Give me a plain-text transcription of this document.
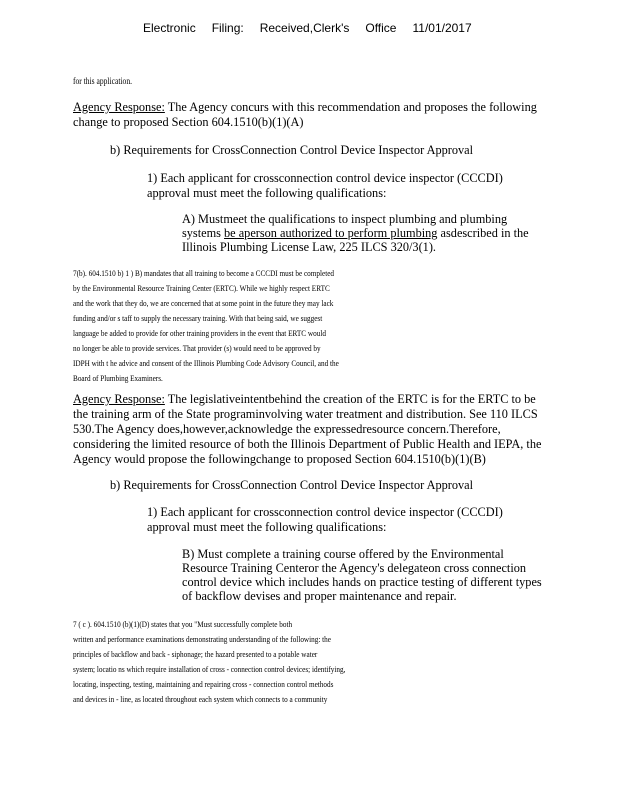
Electronic Filing: Received,Clerk's Office 11/01/2017
for this application.
Agency Response: The Agency concurs with this recommendation and proposes the following
change to proposed Section 604.1510(b)(1)(A)
b) Requirements for CrossConnection Control Device Inspector Approval
1) Each applicant for crossconnection control device inspector (CCCDI)
approval must meet the following qualifications:
A) Mustmeet the qualifications to inspect plumbing and plumbing
systems be aperson authorized to perform plumbing asdescribed in the
Illinois Plumbing License Law, 225 ILCS 320/3(1).
7(b). 604.1510 b) 1 ) B) mandates that all training to become a CCCDI must be completed
by the Environmental Resource Training Center (ERTC). While we highly respect ERTC
and the work that they do, we are concerned that at some point in the future they may lack
funding and/or s taff to supply the necessary training. With that being said, we suggest
language be added to provide for other training providers in the event that ERTC would
no longer be able to provide services. That provider (s) would need to be approved by
IDPH with t he advice and consent of the Illinois Plumbing Code Advisory Council, and the
Board of Plumbing Examiners.
Agency Response: The legislativeintentbehind the creation of the ERTC is for the ERTC to be
the training arm of the State programinvolving water treatment and distribution. See 110 ILCS
530.The Agency does,however,acknowledge the expressedresource concern.Therefore,
considering the limited resource of both the Illinois Department of Public Health and IEPA, the
Agency would propose the followingchange to proposed Section 604.1510(b)(1)(B)
b) Requirements for CrossConnection Control Device Inspector Approval
1) Each applicant for crossconnection control device inspector (CCCDI)
approval must meet the following qualifications:
B) Must complete a training course offered by the Environmental
Resource Training Centeror the Agency's delegateon cross connection
control device which includes hands on practice testing of different types
of backflow devises and proper maintenance and repair.
7 ( c ). 604.1510 (b)(1)(D) states that you "Must successfully complete both
written and performance examinations demonstrating understanding of the following: the
principles of backflow and back - siphonage; the hazard presented to a potable water
system; locatio ns which require installation of cross - connection control devices; identifying,
locating, inspecting, testing, maintaining and repairing cross - connection control methods
and devices in - line, as located throughout each system which connects to a community
